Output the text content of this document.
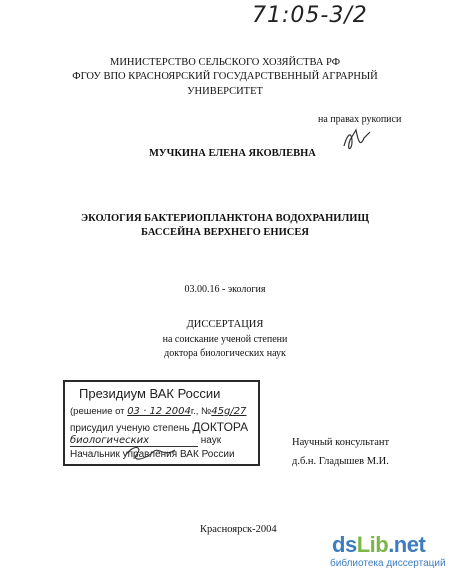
71:05-3/2
МИНИСТЕРСТВО СЕЛЬСКОГО ХОЗЯЙСТВА РФ
ФГОУ ВПО КРАСНОЯРСКИЙ ГОСУДАРСТВЕННЫЙ АГРАРНЫЙ
УНИВЕРСИТЕТ
на правах рукописи
МУЧКИНА ЕЛЕНА ЯКОВЛЕВНА
ЭКОЛОГИЯ БАКТЕРИОПЛАНКТОНА ВОДОХРАНИЛИЩ
БАССЕЙНА ВЕРХНЕГО ЕНИСЕЯ
03.00.16 - экология
ДИССЕРТАЦИЯ
на соискание ученой степени
доктора биологических наук
Президиум ВАК России
(решение от 03 · 12 2004г., №45g/27
присудил ученую степень ДОКТОРА
биологических	наук
Начальник управления ВАК России
Научный консультант
д.б.н. Гладышев М.И.
Красноярск-2004
dsLib.net
библиотека диссертаций
